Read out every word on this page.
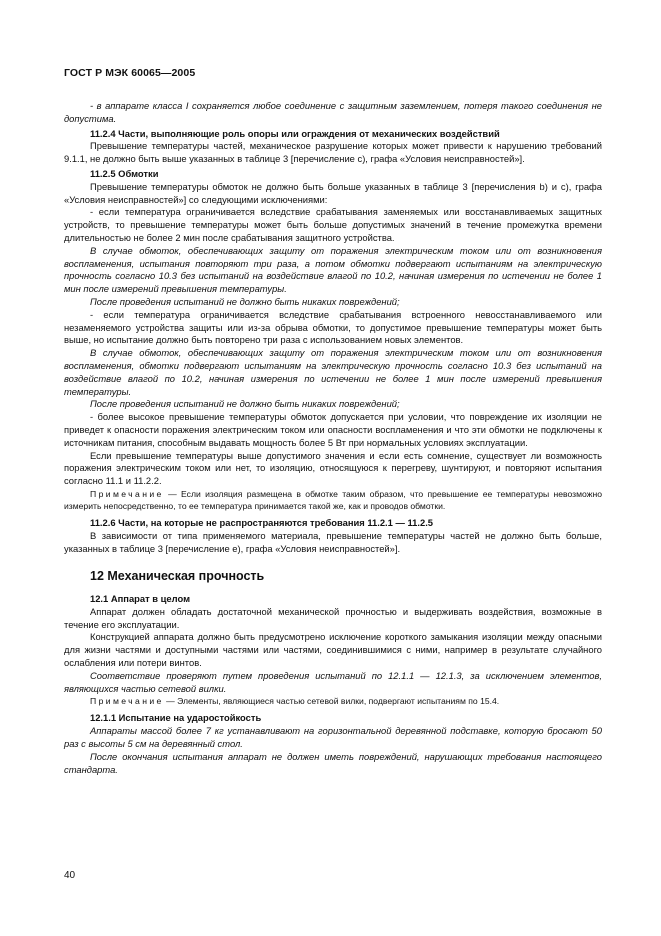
ГОСТ Р МЭК 60065—2005

- в аппарате класса I сохраняется любое соединение с защитным заземлением, потеря такого соединения не допустима.

11.2.4 Части, выполняющие роль опоры или ограждения от механических воздействий

Превышение температуры частей, механическое разрушение которых может привести к нарушению требований 9.1.1, не должно быть выше указанных в таблице 3 [перечисление с), графа «Условия неисправностей»].

11.2.5 Обмотки

Превышение температуры обмоток не должно быть больше указанных в таблице 3 [перечисления b) и с), графа «Условия неисправностей»] со следующими исключениями:

- если температура ограничивается вследствие срабатывания заменяемых или восстанавливаемых защитных устройств, то превышение температуры может быть больше допустимых значений в течение промежутка времени длительностью не более 2 мин после срабатывания защитного устройства.

В случае обмоток, обеспечивающих защиту от поражения электрическим током или от возникновения воспламенения, испытания повторяют три раза, а потом обмотки подвергают испытаниям на электрическую прочность согласно 10.3 без испытаний на воздействие влагой по 10.2, начиная измерения по истечении не более 1 мин после измерений превышения температуры.

После проведения испытаний не должно быть никаких повреждений;

- если температура ограничивается вследствие срабатывания встроенного невосстанавливаемого или незаменяемого устройства защиты или из-за обрыва обмотки, то допустимое превышение температуры может быть выше, но испытание должно быть повторено три раза с использованием новых элементов.

В случае обмоток, обеспечивающих защиту от поражения электрическим током или от возникновения воспламенения, обмотки подвергают испытаниям на электрическую прочность согласно 10.3 без испытаний на воздействие влагой по 10.2, начиная измерения по истечении не более 1 мин после измерений превышения температуры.

После проведения испытаний не должно быть никаких повреждений;

- более высокое превышение температуры обмоток допускается при условии, что повреждение их изоляции не приведет к опасности поражения электрическим током или опасности воспламенения и что эти обмотки не подключены к источникам питания, способным выдавать мощность более 5 Вт при нормальных условиях эксплуатации.

Если превышение температуры выше допустимого значения и если есть сомнение, существует ли возможность поражения электрическим током или нет, то изоляцию, относящуюся к перегреву, шунтируют, и повторяют испытания согласно 11.1 и 11.2.2.

Примечание — Если изоляция размещена в обмотке таким образом, что превышение ее температуры невозможно измерить непосредственно, то ее температура принимается такой же, как и проводов обмотки.

11.2.6 Части, на которые не распространяются требования 11.2.1 — 11.2.5

В зависимости от типа применяемого материала, превышение температуры частей не должно быть больше, указанных в таблице 3 [перечисление е), графа «Условия неисправностей»].

12 Механическая прочность

12.1 Аппарат в целом

Аппарат должен обладать достаточной механической прочностью и выдерживать воздействия, возможные в течение его эксплуатации.

Конструкцией аппарата должно быть предусмотрено исключение короткого замыкания изоляции между опасными для жизни частями и доступными частями или частями, соединившимися с ними, например в результате случайного ослабления или потери винтов.

Соответствие проверяют путем проведения испытаний по 12.1.1 — 12.1.3, за исключением элементов, являющихся частью сетевой вилки.

Примечание — Элементы, являющиеся частью сетевой вилки, подвергают испытаниям по 15.4.

12.1.1 Испытание на ударостойкость

Аппараты массой более 7 кг устанавливают на горизонтальной деревянной подставке, которую бросают 50 раз с высоты 5 см на деревянный стол.

После окончания испытания аппарат не должен иметь повреждений, нарушающих требования настоящего стандарта.

40
